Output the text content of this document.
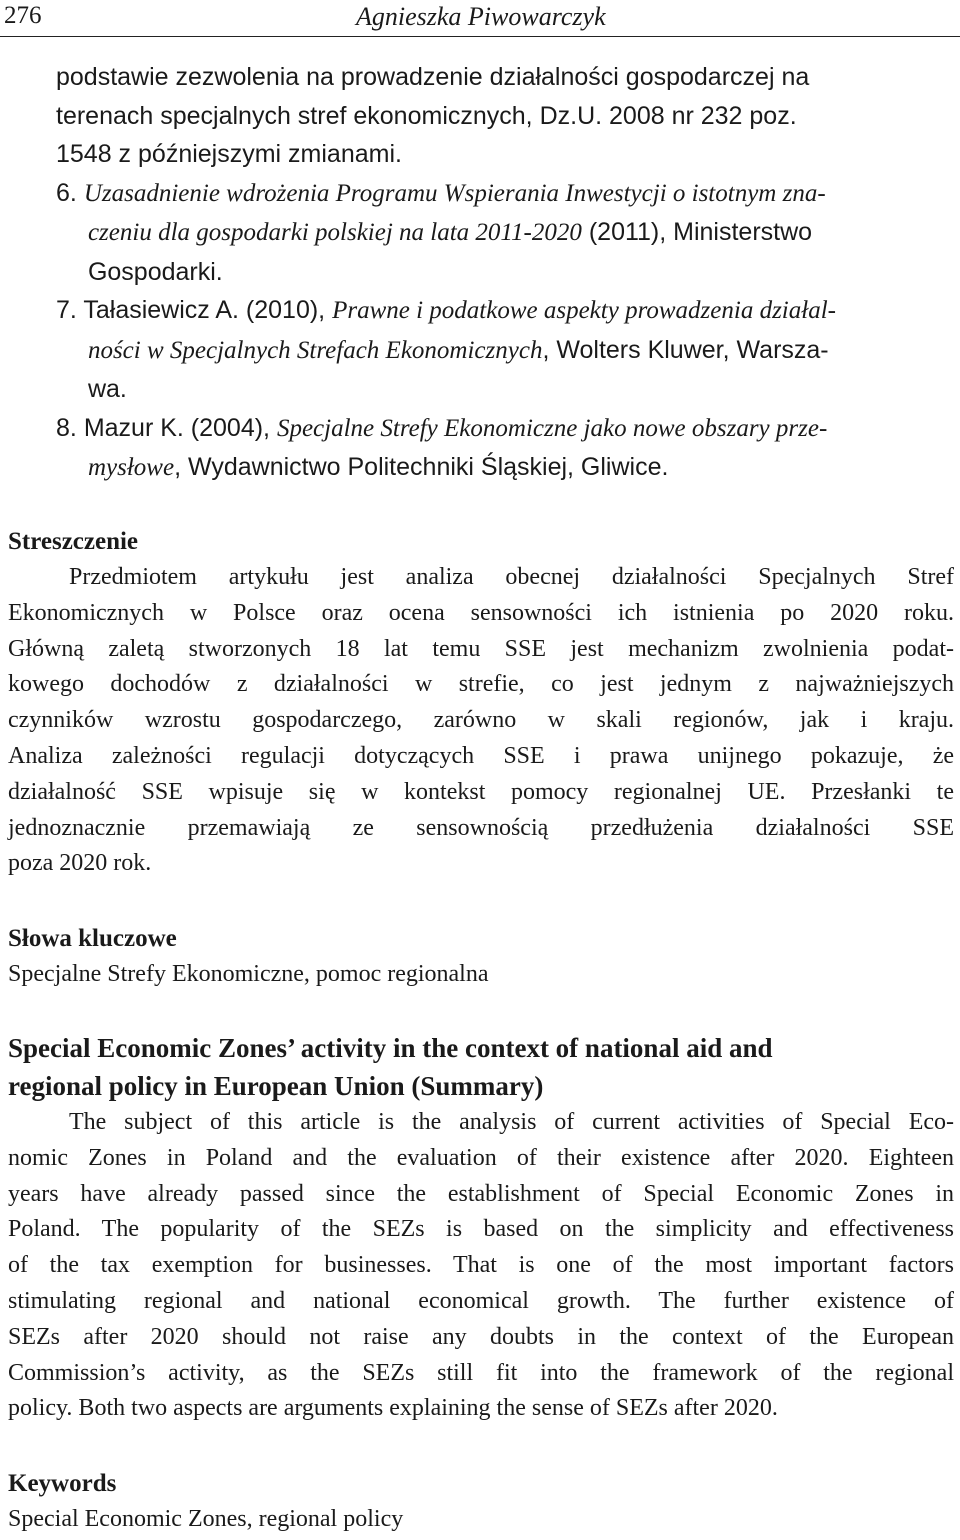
276	Agnieszka Piwowarczyk
podstawie zezwolenia na prowadzenie działalności gospodarczej na
terenach specjalnych stref ekonomicznych, Dz.U. 2008 nr 232 poz.
1548 z późniejszymi zmianami.
6. Uzasadnienie wdrożenia Programu Wspierania Inwestycji o istotnym zna-
  czeniu dla gospodarki polskiej na lata 2011-2020 (2011), Ministerstwo
  Gospodarki.
7. Tałasiewicz A. (2010), Prawne i podatkowe aspekty prowadzenia działal-
  ności w Specjalnych Strefach Ekonomicznych, Wolters Kluwer, Warsza-
  wa.
8. Mazur K. (2004), Specjalne Strefy Ekonomiczne jako nowe obszary prze-
  mysłowe, Wydawnictwo Politechniki Śląskiej, Gliwice.
Streszczenie
Przedmiotem artykułu jest analiza obecnej działalności Specjalnych Stref
Ekonomicznych w Polsce oraz ocena sensowności ich istnienia po 2020 roku.
Główną zaletą stworzonych 18 lat temu SSE jest mechanizm zwolnienia podat-
kowego dochodów z działalności w strefie, co jest jednym z najważniejszych
czynników wzrostu gospodarczego, zarówno w skali regionów, jak i kraju.
Analiza zależności regulacji dotyczących SSE i prawa unijnego pokazuje, że
działalność SSE wpisuje się w kontekst pomocy regionalnej UE. Przesłanki te
jednoznacznie przemawiają ze sensownością przedłużenia działalności SSE
poza 2020 rok.
Słowa kluczowe
Specjalne Strefy Ekonomiczne, pomoc regionalna
Special Economic Zones’ activity in the context of national aid and
regional policy in European Union (Summary)
The subject of this article is the analysis of current activities of Special Eco-
nomic Zones in Poland and the evaluation of their existence after 2020. Eighteen
years have already passed since the establishment of Special Economic Zones in
Poland. The popularity of the SEZs is based on the simplicity and effectiveness
of the tax exemption for businesses. That is one of the most important factors
stimulating regional and national economical growth. The further existence of
SEZs after 2020 should not raise any doubts in the context of the European
Commission’s activity, as the SEZs still fit into the framework of the regional
policy. Both two aspects are arguments explaining the sense of SEZs after 2020.
Keywords
Special Economic Zones, regional policy
